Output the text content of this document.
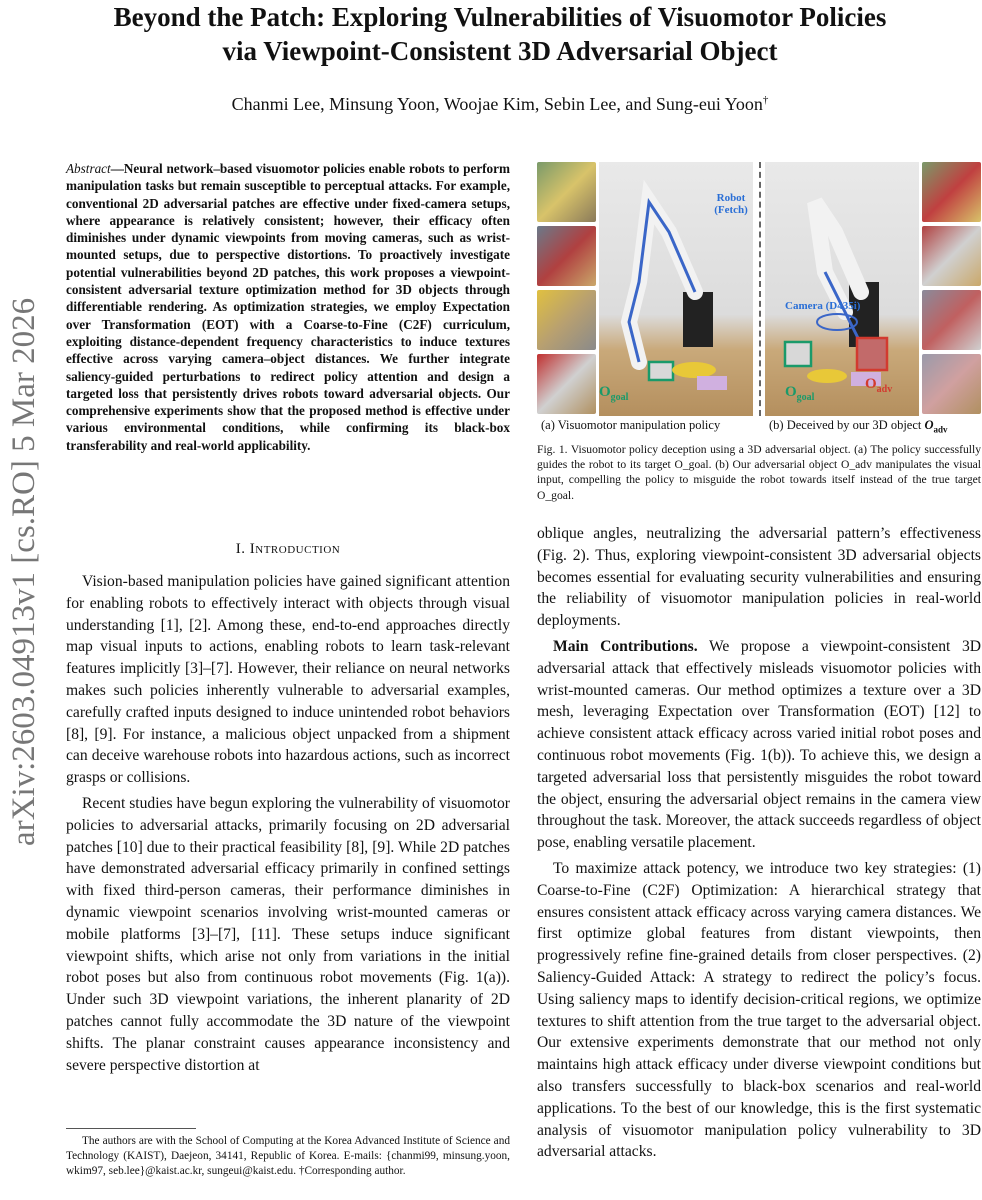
Beyond the Patch: Exploring Vulnerabilities of Visuomotor Policies
via Viewpoint-Consistent 3D Adversarial Object
Chanmi Lee, Minsung Yoon, Woojae Kim, Sebin Lee, and Sung-eui Yoon†
arXiv:2603.04913v1 [cs.RO] 5 Mar 2026
Abstract—Neural network–based visuomotor policies enable robots to perform manipulation tasks but remain susceptible to perceptual attacks. For example, conventional 2D adversarial patches are effective under fixed-camera setups, where appearance is relatively consistent; however, their efficacy often diminishes under dynamic viewpoints from moving cameras, such as wrist-mounted setups, due to perspective distortions. To proactively investigate potential vulnerabilities beyond 2D patches, this work proposes a viewpoint-consistent adversarial texture optimization method for 3D objects through differentiable rendering. As optimization strategies, we employ Expectation over Transformation (EOT) with a Coarse-to-Fine (C2F) curriculum, exploiting distance-dependent frequency characteristics to induce textures effective across varying camera–object distances. We further integrate saliency-guided perturbations to redirect policy attention and design a targeted loss that persistently drives robots toward adversarial objects. Our comprehensive experiments show that the proposed method is effective under various environmental conditions, while confirming its black-box transferability and real-world applicability.
I. Introduction

Vision-based manipulation policies have gained significant attention for enabling robots to effectively interact with objects through visual understanding [1], [2]. Among these, end-to-end approaches directly map visual inputs to actions, enabling robots to learn task-relevant features implicitly [3]–[7]. However, their reliance on neural networks makes such policies inherently vulnerable to adversarial examples, carefully crafted inputs designed to induce unintended robot behaviors [8], [9]. For instance, a malicious object unpacked from a shipment can deceive warehouse robots into hazardous actions, such as incorrect grasps or collisions.

Recent studies have begun exploring the vulnerability of visuomotor policies to adversarial attacks, primarily focusing on 2D adversarial patches [10] due to their practical feasibility [8], [9]. While 2D patches have demonstrated adversarial efficacy primarily in confined settings with fixed third-person cameras, their performance diminishes in dynamic viewpoint scenarios involving wrist-mounted cameras or mobile platforms [3]–[7], [11]. These setups induce significant viewpoint shifts, which arise not only from variations in the initial robot poses but also from continuous robot movements (Fig. 1(a)). Under such 3D viewpoint variations, the inherent planarity of 2D patches cannot fully accommodate the 3D nature of the viewpoint shifts. The planar constraint causes appearance inconsistency and severe perspective distortion at

The authors are with the School of Computing at the Korea Advanced Institute of Science and Technology (KAIST), Daejeon, 34141, Republic of Korea. E-mails: {chanmi99, minsung.yoon, wkim97, seb.lee}@kaist.ac.kr, sungeui@kaist.edu. †Corresponding author.

Robot (Fetch)
$O_{goal}$
Camera (D435i)
$O_{goal}$
$O_{adv}$
(a) Visuomotor manipulation policy	(b) Deceived by our 3D object $O_{adv}$
Fig. 1. Visuomotor policy deception using a 3D adversarial object. (a) The policy successfully guides the robot to its target O_goal. (b) Our adversarial object O_adv manipulates the visual input, compelling the policy to misguide the robot towards itself instead of the true target O_goal.

oblique angles, neutralizing the adversarial pattern’s effectiveness (Fig. 2). Thus, exploring viewpoint-consistent 3D adversarial objects becomes essential for evaluating security vulnerabilities and ensuring the reliability of visuomotor manipulation policies in real-world deployments.

Main Contributions. We propose a viewpoint-consistent 3D adversarial attack that effectively misleads visuomotor policies with wrist-mounted cameras. Our method optimizes a texture over a 3D mesh, leveraging Expectation over Transformation (EOT) [12] to achieve consistent attack efficacy across varied initial robot poses and continuous robot movements (Fig. 1(b)). To achieve this, we design a targeted adversarial loss that persistently misguides the robot toward the object, ensuring the adversarial object remains in the camera view throughout the task. Moreover, the attack succeeds regardless of object pose, enabling versatile placement.

To maximize attack potency, we introduce two key strategies: (1) Coarse-to-Fine (C2F) Optimization: A hierarchical strategy that ensures consistent attack efficacy across varying camera distances. We first optimize global features from distant viewpoints, then progressively refine fine-grained details from closer perspectives. (2) Saliency-Guided Attack: A strategy to redirect the policy’s focus. Using saliency maps to identify decision-critical regions, we optimize textures to shift attention from the true target to the adversarial object. Our extensive experiments demonstrate that our method not only maintains high attack efficacy under diverse viewpoint conditions but also transfers successfully to black-box scenarios and real-world applications. To the best of our knowledge, this is the first systematic analysis of visuomotor manipulation policy vulnerability to 3D adversarial attacks.
